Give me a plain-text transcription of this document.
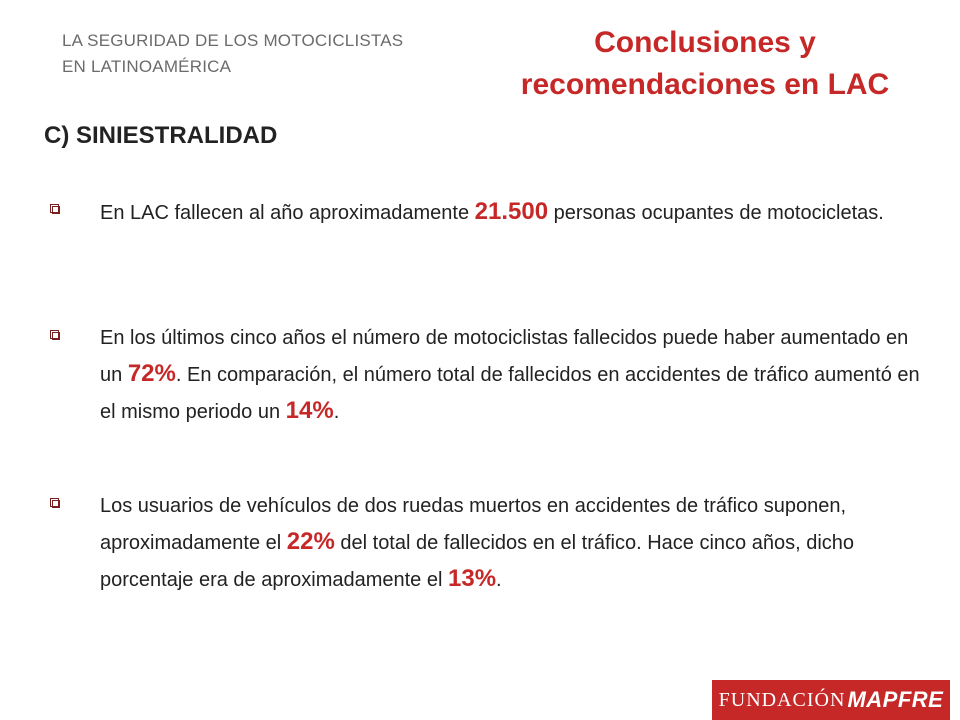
LA SEGURIDAD DE LOS MOTOCICLISTAS
EN LATINOAMÉRICA
Conclusiones y
recomendaciones en LAC
C) SINIESTRALIDAD
En LAC fallecen al año aproximadamente 21.500 personas ocupantes de motocicletas.
En los últimos cinco años el número de motociclistas fallecidos puede haber aumentado en un 72%. En comparación, el número total de fallecidos en accidentes de tráfico aumentó en el mismo periodo un 14%.
Los usuarios de vehículos de dos ruedas muertos en accidentes de tráfico suponen, aproximadamente el 22% del total de fallecidos en el tráfico. Hace cinco años, dicho porcentaje era de aproximadamente el 13%.
FUNDACIÓN MAPFRE
